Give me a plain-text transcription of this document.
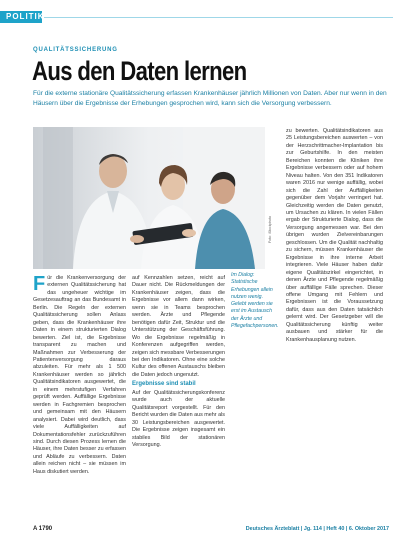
POLITIK
QUALITÄTSSICHERUNG
Aus den Daten lernen
Für die externe stationäre Qualitätssicherung erfassen Krankenhäuser jährlich Millionen von Daten. Aber nur wenn in den Häusern über die Ergebnisse der Erhebungen gesprochen wird, kann sich die Versorgung verbessern.
Foto: iStockphoto
Im Dialog: Statistische Erhebungen allein nutzen wenig. Gelebt werden sie erst im Austausch der Ärzte und Pflegefachpersonen.
F ür die Krankenversorgung der externen Qualitätssicherung hat das ungeheuer wichtige im Gesetzesauftrag an das Bundesamt in Berlin. Die Regeln der externen Qualitätssicherung sollen Anlass geben, dass die Krankenhäuser ihre Daten in einem strukturierten Dialog bewerten. Ziel ist, die Ergebnisse transparent zu machen und Maßnahmen zur Verbesserung der Patientenversorgung daraus abzuleiten. Für mehr als 1 500 Krankenhäuser werden so jährlich Qualitätsindikatoren ausgewertet, die in einem mehrstufigen Verfahren geprüft werden. Auffällige Ergebnisse werden in Fachgremien besprochen und gemeinsam mit den Häusern analysiert. Dabei wird deutlich, dass viele Auffälligkeiten auf Dokumentationsfehler zurückzuführen sind. Durch diesen Prozess lernen die Häuser, ihre Daten besser zu erfassen und Abläufe zu verbessern. Daten allein reichen nicht – sie müssen im Haus diskutiert werden.

auf Kennzahlen setzen, reicht auf Dauer nicht. Die Rückmeldungen der Krankenhäuser zeigen, dass die Ergebnisse vor allem dann wirken, wenn sie in Teams besprochen werden. Ärzte und Pflegende benötigen dafür Zeit, Struktur und die Unterstützung der Geschäftsführung. Wo die Ergebnisse regelmäßig in Konferenzen aufgegriffen werden, zeigen sich messbare Verbesserungen bei den Indikatoren. Ohne eine solche Kultur des offenen Austauschs bleiben die Daten jedoch ungenutzt.

Ergebnisse sind stabil

Auf der Qualitätssicherungskonferenz wurde auch der aktuelle Qualitätsreport vorgestellt. Für den Bericht wurden die Daten aus mehr als 30 Leistungsbereichen ausgewertet. Die Ergebnisse zeigen insgesamt ein stabiles Bild der stationären Versorgung.

zu bewerten. Qualitätsindikatoren aus 25 Leistungsbereichen auswerten – von der Herzschrittmacher-Implantation bis zur Geburtshilfe. In den meisten Bereichen konnten die Kliniken ihre Ergebnisse verbessern oder auf hohem Niveau halten. Von den 351 Indikatoren waren 2016 nur wenige auffällig, wobei sich die Zahl der Auffälligkeiten gegenüber dem Vorjahr verringert hat. Gleichzeitig werden die Daten genutzt, um Ursachen zu klären. In vielen Fällen ergab der Strukturierte Dialog, dass die Versorgung angemessen war. Bei den übrigen wurden Zielvereinbarungen geschlossen. Um die Qualität nachhaltig zu sichern, müssen Krankenhäuser die Ergebnisse in ihre interne Arbeit integrieren. Viele Häuser haben dafür eigene Qualitätszirkel eingerichtet, in denen Ärzte und Pflegende regelmäßig über auffällige Fälle sprechen. Dieser offene Umgang mit Fehlern und Ergebnissen ist die Voraussetzung dafür, dass aus den Daten tatsächlich gelernt wird. Der Gesetzgeber will die Qualitätssicherung künftig weiter ausbauen und stärker für die Krankenhausplanung nutzen.

A 1790	Deutsches Ärzteblatt | Jg. 114 | Heft 40 | 6. Oktober 2017
